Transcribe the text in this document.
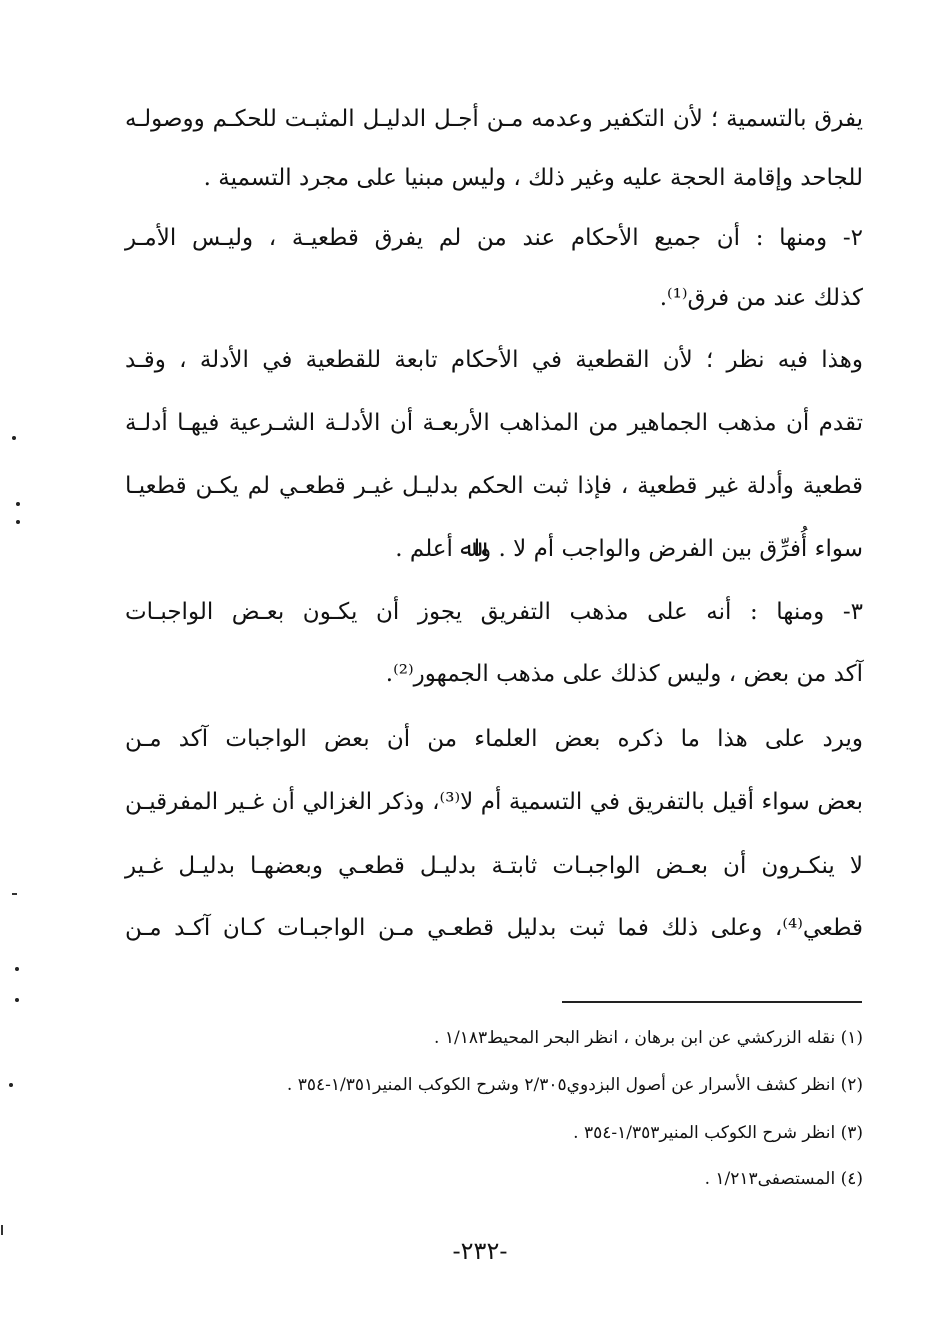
يفرق بالتسمية ؛ لأن التكفير وعدمه مـن أجـل الدليـل المثبـت للحكـم ووصولـه
للجاحد وإقامة الحجة عليه وغير ذلك ، وليس مبنيا على مجرد التسمية .
٢- ومنها : أن جميع الأحكام عند من لم يفرق قطعيـة ، وليـس الأمـر
كذلك عند من فرق⁽¹⁾.
وهذا فيه نظر ؛ لأن القطعية في الأحكام تابعة للقطعية في الأدلة ، وقـد
تقدم أن مذهب الجماهير من المذاهب الأربعـة أن الأدلـة الشـرعية فيهـا أدلـة
قطعية وأدلة غير قطعية ، فإذا ثبت الحكم بدليـل غيـر قطعـي لم يكـن قطعيـا
سواء أُفرِّق بين الفرض والواجب أم لا . واﷲ أعلم .
٣- ومنها : أنه على مذهب التفريق يجوز أن يكـون بعـض الواجبـات
آكد من بعض ، وليس كذلك على مذهب الجمهور⁽²⁾.
ويرد على هذا ما ذكره بعض العلماء من أن بعض الواجبات آكد مـن
بعض سواء أقيل بالتفريق في التسمية أم لا⁽³⁾، وذكر الغزالي أن غـير المفرقيـن
لا ينكـرون أن بعـض الواجبـات ثابتـة بدليـل قطعـي وبعضهـا بدليـل غـير
قطعي⁽⁴⁾، وعلى ذلك فما ثبت بدليل قطعـي مـن الواجبـات كـان آكـد مـن
(١) نقله الزركشي عن ابن برهان ، انظر البحر المحيط١/١٨٣ .
(٢) انظر كشف الأسرار عن أصول البزدوي٢/٣٠٥ وشرح الكوكب المنير١/٣٥١-٣٥٤ .
(٣) انظر شرح الكوكب المنير١/٣٥٣-٣٥٤ .
(٤) المستصفى١/٢١٣ .
-٢٣٢-
